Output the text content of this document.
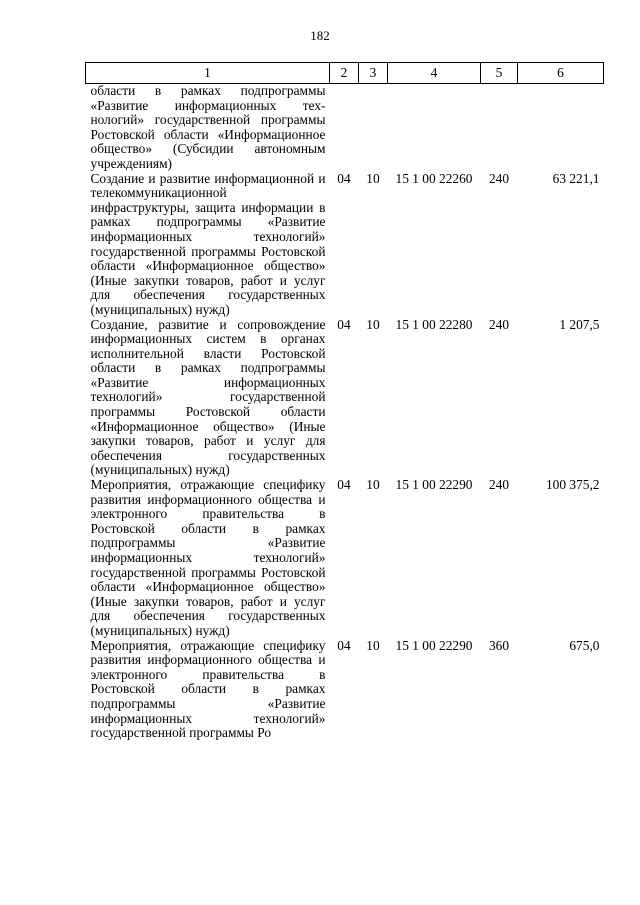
182
1	2	3	4	5	6
области в рамках подпрограммы «Развитие информационных технологий» государственной программы Ростовской области «Информационное общество» (Субсидии автономным учреждениям)					
Создание и развитие информационной и телекоммуникационной инфраструктуры, защита информации в рамках подпрограммы «Развитие информационных технологий» государственной программы Ростовской области «Информационное общество» (Иные закупки товаров, работ и услуг для обеспечения государственных (муниципальных) нужд)	04	10	15 1 00 22260	240	63 221,1
Создание, развитие и сопровождение информационных систем в органах исполнительной власти Ростовской области в рамках подпрограммы «Развитие информационных технологий» государственной программы Ростовской области «Информационное общество» (Иные закупки товаров, работ и услуг для обеспечения государственных (муниципальных) нужд)	04	10	15 1 00 22280	240	1 207,5
Мероприятия, отражающие специфику развития информационного общества и электронного правительства в Ростовской области в рамках подпрограммы «Развитие информационных технологий» государственной программы Ростовской области «Информационное общество» (Иные закупки товаров, работ и услуг для обеспечения государственных (муниципальных) нужд)	04	10	15 1 00 22290	240	100 375,2
Мероприятия, отражающие специфику развития информационного общества и электронного правительства в Ростовской области в рамках подпрограммы «Развитие информационных технологий» государственной программы Ро	04	10	15 1 00 22290	360	675,0
